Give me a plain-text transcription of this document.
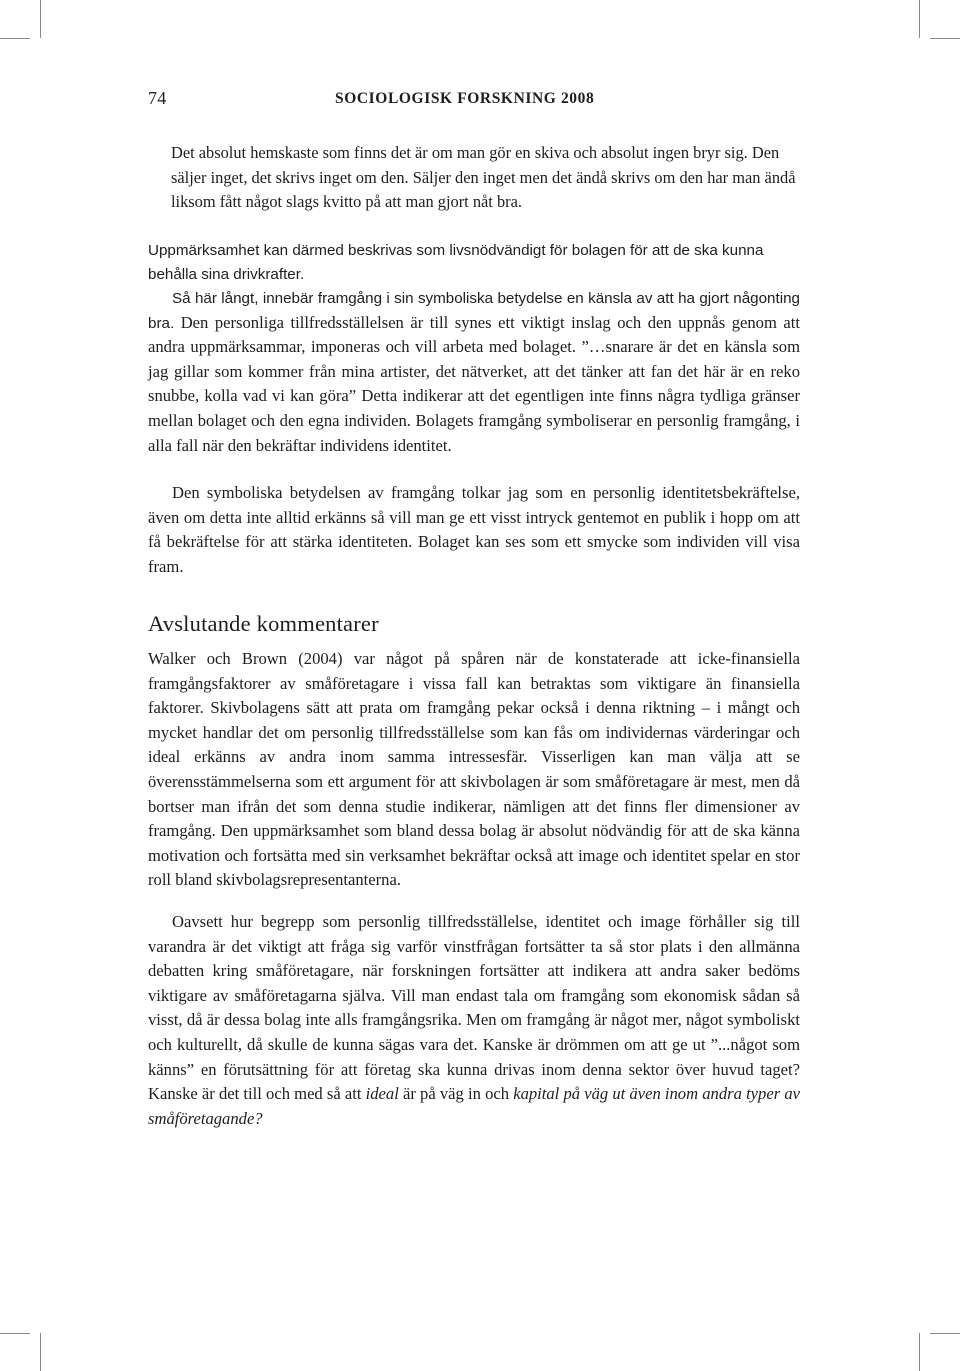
74	SOCIOLOGISK FORSKNING 2008

Det absolut hemskaste som finns det är om man gör en skiva och absolut ingen bryr sig. Den säljer inget, det skrivs inget om den. Säljer den inget men det ändå skrivs om den har man ändå liksom fått något slags kvitto på att man gjort nåt bra.

Uppmärksamhet kan därmed beskrivas som livsnödvändigt för bolagen för att de ska kunna behålla sina drivkrafter.

Så här långt, innebär framgång i sin symboliska betydelse en känsla av att ha gjort någonting bra. Den personliga tillfredsställelsen är till synes ett viktigt inslag och den uppnås genom att andra uppmärksammar, imponeras och vill arbeta med bolaget. ”…snarare är det en känsla som jag gillar som kommer från mina artister, det nätverket, att det tänker att fan det här är en reko snubbe, kolla vad vi kan göra” Detta indikerar att det egentligen inte finns några tydliga gränser mellan bolaget och den egna individen. Bolagets framgång symboliserar en personlig framgång, i alla fall när den bekräftar individens identitet.

Den symboliska betydelsen av framgång tolkar jag som en personlig identitetsbekräftelse, även om detta inte alltid erkänns så vill man ge ett visst intryck gentemot en publik i hopp om att få bekräftelse för att stärka identiteten. Bolaget kan ses som ett smycke som individen vill visa fram.

Avslutande kommentarer

Walker och Brown (2004) var något på spåren när de konstaterade att icke-finansiella framgångsfaktorer av småföretagare i vissa fall kan betraktas som viktigare än finansiella faktorer. Skivbolagens sätt att prata om framgång pekar också i denna riktning – i mångt och mycket handlar det om personlig tillfredsställelse som kan fås om individernas värderingar och ideal erkänns av andra inom samma intressesfär. Visserligen kan man välja att se överensstämmelserna som ett argument för att skivbolagen är som småföretagare är mest, men då bortser man ifrån det som denna studie indikerar, nämligen att det finns fler dimensioner av framgång. Den uppmärksamhet som bland dessa bolag är absolut nödvändig för att de ska känna motivation och fortsätta med sin verksamhet bekräftar också att image och identitet spelar en stor roll bland skivbolagsrepresentanterna.

Oavsett hur begrepp som personlig tillfredsställelse, identitet och image förhåller sig till varandra är det viktigt att fråga sig varför vinstfrågan fortsätter ta så stor plats i den allmänna debatten kring småföretagare, när forskningen fortsätter att indikera att andra saker bedöms viktigare av småföretagarna själva. Vill man endast tala om framgång som ekonomisk sådan så visst, då är dessa bolag inte alls framgångsrika. Men om framgång är något mer, något symboliskt och kulturellt, då skulle de kunna sägas vara det. Kanske är drömmen om att ge ut ”...något som känns” en förutsättning för att företag ska kunna drivas inom denna sektor över huvud taget? Kanske är det till och med så att ideal är på väg in och kapital på väg ut även inom andra typer av småföretagande?
